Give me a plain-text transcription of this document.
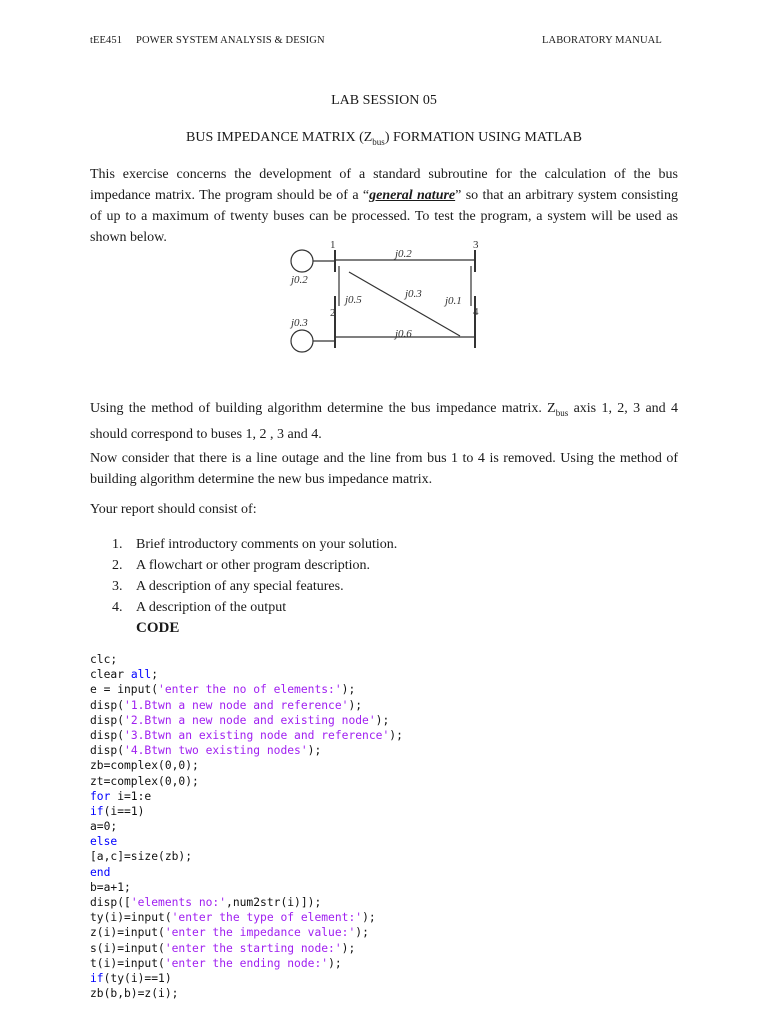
tEE451 POWER SYSTEM ANALYSIS & DESIGN	LABORATORY MANUAL
LAB SESSION 05
BUS IMPEDANCE MATRIX $(Z_{bus})$ FORMATION USING MATLAB

This exercise concerns the development of a standard subroutine for the calculation of the bus impedance matrix. The program should be of a “general nature” so that an arbitrary system consisting of up to a maximum of twenty buses can be processed. To test the program, a system will be used as shown below.	1
2
3
4
j0.2
j0.3
j0.2
j0.5	j0.3
j0.1
j0.6

Using the method of building algorithm determine the bus impedance matrix. $Z_{bus}$ axis 1, 2, 3 and 4 should correspond to buses 1, 2 , 3 and 4.

Now consider that there is a line outage and the line from bus 1 to 4 is removed. Using the method of building algorithm determine the new bus impedance matrix.

Your report should consist of:

1. Brief introductory comments on your solution.
2. A flowchart or other program description.
3. A description of any special features.
4. A description of the output
CODE
clc;
clear all;
e = input('enter the no of elements:');
disp('1.Btwn a new node and reference');
disp('2.Btwn a new node and existing node');
disp('3.Btwn an existing node and reference');
disp('4.Btwn two existing nodes');
zb=complex(0,0);
zt=complex(0,0);
for i=1:e
if(i==1)
a=0;
else
[a,c]=size(zb);
end
b=a+1;
disp(['elements no:',num2str(i)]);
ty(i)=input('enter the type of element:');
z(i)=input('enter the impedance value:');
s(i)=input('enter the starting node:');
t(i)=input('enter the ending node:');
if(ty(i)==1)
zb(b,b)=z(i);
